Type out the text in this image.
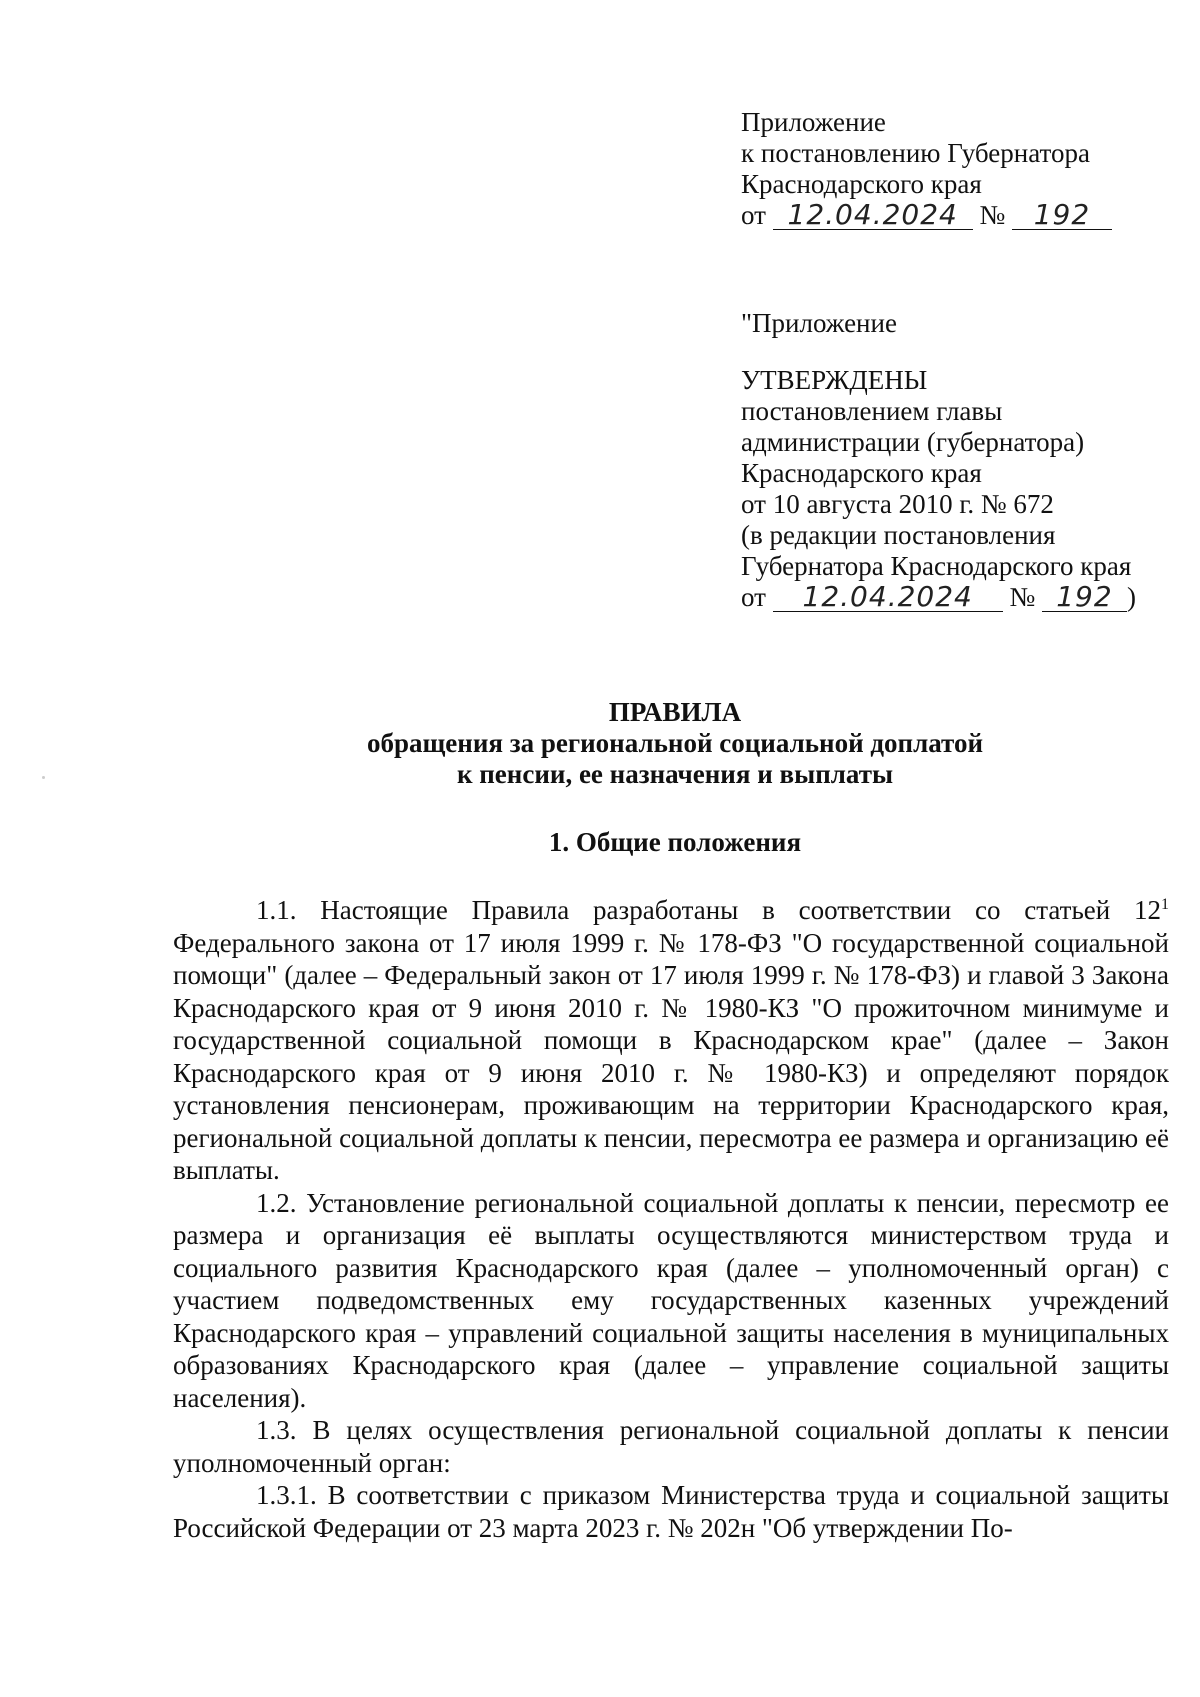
Приложение
к постановлению Губернатора
Краснодарского края
от 12.04.2024 № 192
"Приложение
УТВЕРЖДЕНЫ
постановлением главы
администрации (губернатора)
Краснодарского края
от 10 августа 2010 г. № 672
(в редакции постановления
Губернатора Краснодарского края
от 12.04.2024 № 192 )
ПРАВИЛА
обращения за региональной социальной доплатой
к пенсии, ее назначения и выплаты
1. Общие положения

1.1. Настоящие Правила разработаны в соответствии со статьей $12^1$ Федерального закона от 17 июля 1999 г. № 178-ФЗ "О государственной социальной помощи" (далее – Федеральный закон от 17 июля 1999 г. № 178-ФЗ) и главой 3 Закона Краснодарского края от 9 июня 2010 г. № 1980-КЗ "О прожиточном минимуме и государственной социальной помощи в Краснодарском крае" (далее – Закон Краснодарского края от 9 июня 2010 г. № 1980-КЗ) и определяют порядок установления пенсионерам, проживающим на территории Краснодарского края, региональной социальной доплаты к пенсии, пересмотра ее размера и организацию её выплаты.

1.2. Установление региональной социальной доплаты к пенсии, пересмотр ее размера и организация её выплаты осуществляются министерством труда и социального развития Краснодарского края (далее – уполномоченный орган) с участием подведомственных ему государственных казенных учреждений Краснодарского края – управлений социальной защиты населения в муниципальных образованиях Краснодарского края (далее – управление социальной защиты населения).

1.3. В целях осуществления региональной социальной доплаты к пенсии уполномоченный орган:

1.3.1. В соответствии с приказом Министерства труда и социальной защиты Российской Федерации от 23 марта 2023 г. № 202н "Об утверждении По-
